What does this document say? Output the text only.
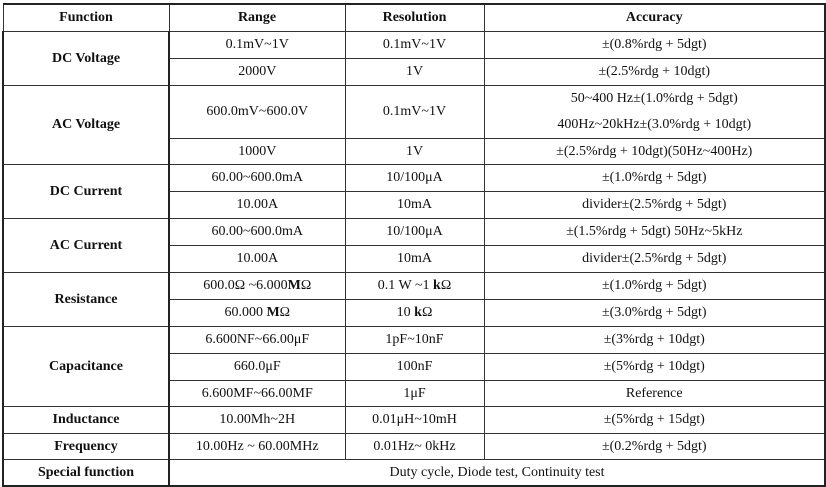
Function	Range	Resolution	Accuracy
DC Voltage	0.1mV~1V	0.1mV~1V	±(0.8%rdg + 5dgt)
	2000V	1V	±(2.5%rdg + 10dgt)
AC Voltage	600.0mV~600.0V	0.1mV~1V	50~400 Hz±(1.0%rdg + 5dgt)
400Hz~20kHz±(3.0%rdg + 10dgt)

	1000V	1V	±(2.5%rdg + 10dgt)(50Hz~400Hz)
DC Current	60.00~600.0mA	10/100μA	±(1.0%rdg + 5dgt)
	10.00A	10mA	divider±(2.5%rdg + 5dgt)
AC Current	60.00~600.0mA	10/100μA	±(1.5%rdg + 5dgt) 50Hz~5kHz
	10.00A	10mA	divider±(2.5%rdg + 5dgt)
Resistance	600.0Ω ~6.000MΩ	0.1 W ~1 kΩ	±(1.0%rdg + 5dgt)
	60.000 MΩ	10 kΩ	±(3.0%rdg + 5dgt)
Capacitance	6.600NF~66.00μF	1pF~10nF	±(3%rdg + 10dgt)
	660.0μF	100nF	±(5%rdg + 10dgt)
	6.600MF~66.00MF	1μF	Reference
Inductance	10.00Mh~2H	0.01μH~10mH	±(5%rdg + 15dgt)
Frequency	10.00Hz ~ 60.00MHz	0.01Hz~ 0kHz	±(0.2%rdg + 5dgt)
Special function	Duty cycle, Diode test, Continuity test		
